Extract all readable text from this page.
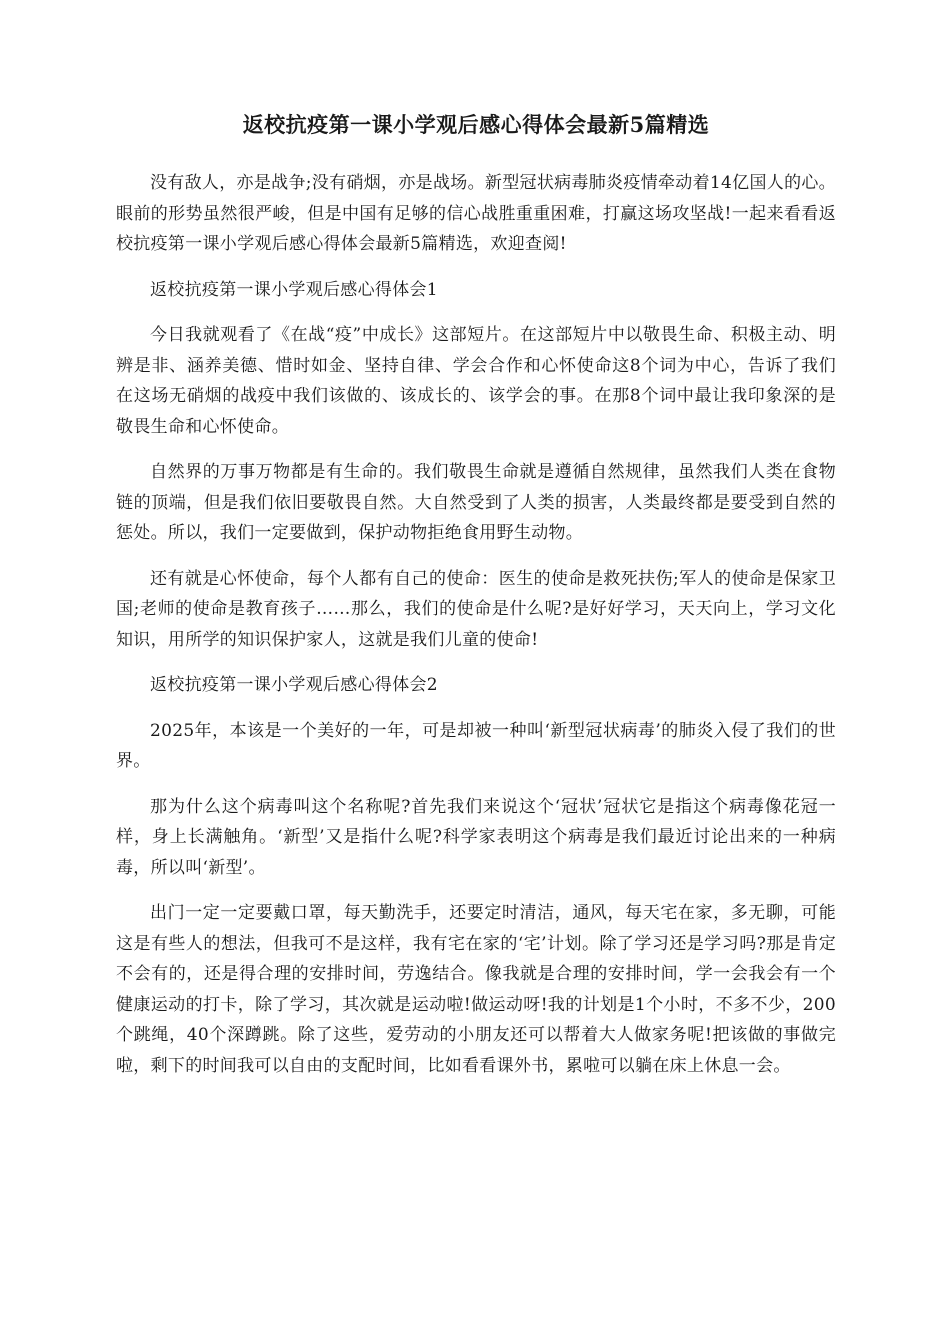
返校抗疫第一课小学观后感心得体会最新5篇精选

没有敌人，亦是战争;没有硝烟，亦是战场。新型冠状病毒肺炎疫情牵动着14亿国人的心。眼前的形势虽然很严峻，但是中国有足够的信心战胜重重困难，打赢这场攻坚战!一起来看看返校抗疫第一课小学观后感心得体会最新5篇精选，欢迎查阅!

返校抗疫第一课小学观后感心得体会1

今日我就观看了《在战“疫”中成长》这部短片。在这部短片中以敬畏生命、积极主动、明辨是非、涵养美德、惜时如金、坚持自律、学会合作和心怀使命这8个词为中心，告诉了我们在这场无硝烟的战疫中我们该做的、该成长的、该学会的事。在那8个词中最让我印象深的是敬畏生命和心怀使命。

自然界的万事万物都是有生命的。我们敬畏生命就是遵循自然规律，虽然我们人类在食物链的顶端，但是我们依旧要敬畏自然。大自然受到了人类的损害，人类最终都是要受到自然的惩处。所以，我们一定要做到，保护动物拒绝食用野生动物。

还有就是心怀使命，每个人都有自己的使命：医生的使命是救死扶伤;军人的使命是保家卫国;老师的使命是教育孩子……那么，我们的使命是什么呢?是好好学习，天天向上，学习文化知识，用所学的知识保护家人，这就是我们儿童的使命!

返校抗疫第一课小学观后感心得体会2

2025年，本该是一个美好的一年，可是却被一种叫‘新型冠状病毒’的肺炎入侵了我们的世界。

那为什么这个病毒叫这个名称呢?首先我们来说这个‘冠状’冠状它是指这个病毒像花冠一样，身上长满触角。‘新型’又是指什么呢?科学家表明这个病毒是我们最近讨论出来的一种病毒，所以叫‘新型’。

出门一定一定要戴口罩，每天勤洗手，还要定时清洁，通风，每天宅在家，多无聊，可能这是有些人的想法，但我可不是这样，我有宅在家的‘宅’计划。除了学习还是学习吗?那是肯定不会有的，还是得合理的安排时间，劳逸结合。像我就是合理的安排时间，学一会我会有一个健康运动的打卡，除了学习，其次就是运动啦!做运动呀!我的计划是1个小时，不多不少，200个跳绳，40个深蹲跳。除了这些，爱劳动的小朋友还可以帮着大人做家务呢!把该做的事做完啦，剩下的时间我可以自由的支配时间，比如看看课外书，累啦可以躺在床上休息一会。
